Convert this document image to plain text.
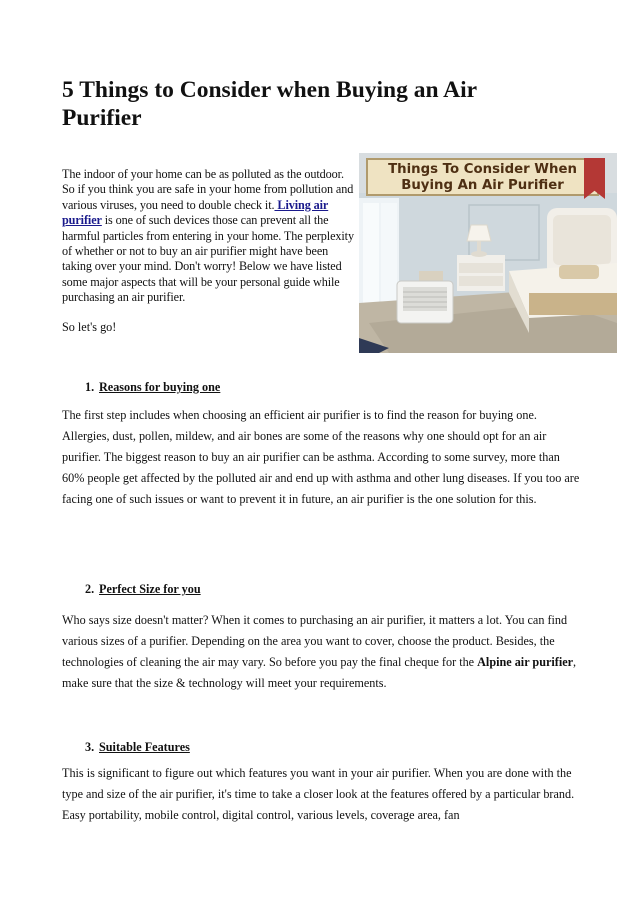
5 Things to Consider when Buying an Air Purifier

The indoor of your home can be as polluted as the outdoor. So if you think you are safe in your home from pollution and various viruses, you need to double check it. Living air purifier is one of such devices those can prevent all the harmful particles from entering in your home. The perplexity of whether or not to buy an air purifier might have been taking over your mind. Don't worry! Below we have listed some major aspects that will be your personal guide while purchasing an air purifier.

So let's go!

Things To Consider When
Buying An Air Purifier
1. Reasons for buying one

The first step includes when choosing an efficient air purifier is to find the reason for buying one. Allergies, dust, pollen, mildew, and air bones are some of the reasons why one should opt for an air purifier. The biggest reason to buy an air purifier can be asthma. According to some survey, more than 60% people get affected by the polluted air and end up with asthma and other lung diseases. If you too are facing one of such issues or want to prevent it in future, an air purifier is the one solution for this.

2. Perfect Size for you

Who says size doesn't matter? When it comes to purchasing an air purifier, it matters a lot. You can find various sizes of a purifier. Depending on the area you want to cover, choose the product. Besides, the technologies of cleaning the air may vary. So before you pay the final cheque for the Alpine air purifier, make sure that the size & technology will meet your requirements.

3. Suitable Features

This is significant to figure out which features you want in your air purifier. When you are done with the type and size of the air purifier, it's time to take a closer look at the features offered by a particular brand. Easy portability, mobile control, digital control, various levels, coverage area, fan
